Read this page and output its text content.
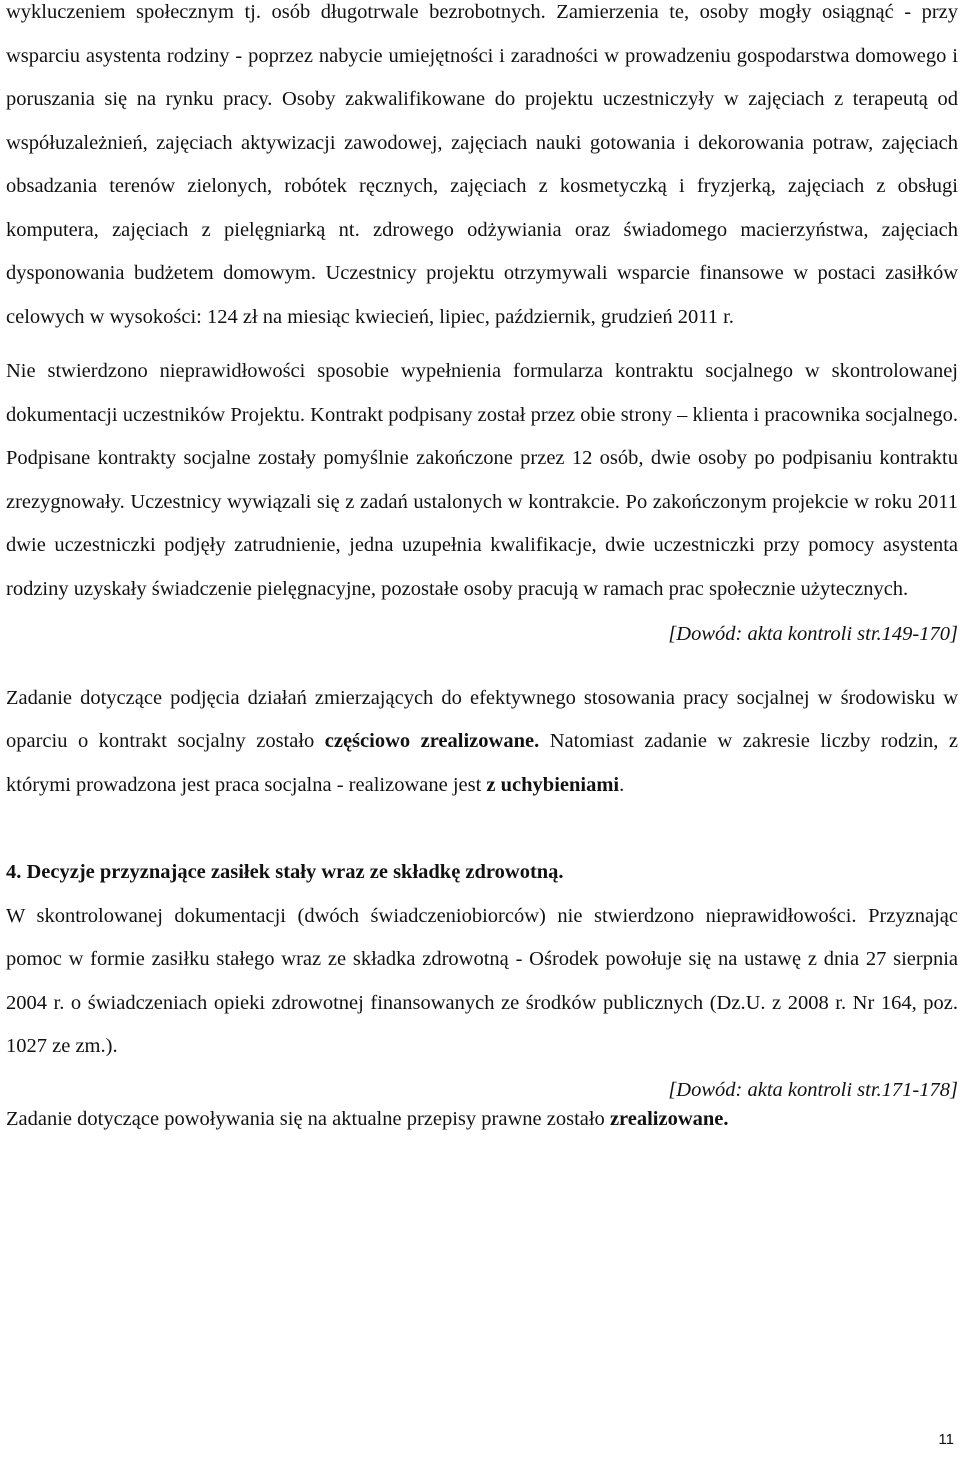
wykluczeniem społecznym tj. osób długotrwale bezrobotnych. Zamierzenia te, osoby mogły osiągnąć - przy wsparciu asystenta rodziny - poprzez nabycie umiejętności i zaradności w prowadzeniu gospodarstwa domowego i poruszania się na rynku pracy. Osoby zakwalifikowane do projektu uczestniczyły w zajęciach z terapeutą od współuzależnień, zajęciach aktywizacji zawodowej, zajęciach nauki gotowania i dekorowania potraw, zajęciach obsadzania terenów zielonych, robótek ręcznych, zajęciach z kosmetyczką i fryzjerką, zajęciach z obsługi komputera, zajęciach z pielęgniarką nt. zdrowego odżywiania oraz świadomego macierzyństwa, zajęciach dysponowania budżetem domowym. Uczestnicy projektu otrzymywali wsparcie finansowe w postaci zasiłków celowych w wysokości: 124 zł na miesiąc kwiecień, lipiec, październik, grudzień 2011 r.

Nie stwierdzono nieprawidłowości sposobie wypełnienia formularza kontraktu socjalnego w skontrolowanej dokumentacji uczestników Projektu. Kontrakt podpisany został przez obie strony – klienta i pracownika socjalnego. Podpisane kontrakty socjalne zostały pomyślnie zakończone przez 12 osób, dwie osoby po podpisaniu kontraktu zrezygnowały. Uczestnicy wywiązali się z zadań ustalonych w kontrakcie. Po zakończonym projekcie w roku 2011 dwie uczestniczki podjęły zatrudnienie, jedna uzupełnia kwalifikacje, dwie uczestniczki przy pomocy asystenta rodziny uzyskały świadczenie pielęgnacyjne, pozostałe osoby pracują w ramach prac społecznie użytecznych.

[Dowód: akta kontroli str.149-170]

Zadanie dotyczące podjęcia działań zmierzających do efektywnego stosowania pracy socjalnej w środowisku w oparciu o kontrakt socjalny zostało częściowo zrealizowane. Natomiast zadanie w zakresie liczby rodzin, z którymi prowadzona jest praca socjalna - realizowane jest z uchybieniami.

4. Decyzje przyznające zasiłek stały wraz ze składkę zdrowotną.

W skontrolowanej dokumentacji (dwóch świadczeniobiorców) nie stwierdzono nieprawidłowości. Przyznając pomoc w formie zasiłku stałego wraz ze składka zdrowotną - Ośrodek powołuje się na ustawę z dnia 27 sierpnia 2004 r. o świadczeniach opieki zdrowotnej finansowanych ze środków publicznych (Dz.U. z 2008 r. Nr 164, poz. 1027 ze zm.).

[Dowód: akta kontroli str.171-178]

Zadanie dotyczące powoływania się na aktualne przepisy prawne zostało zrealizowane.

11
